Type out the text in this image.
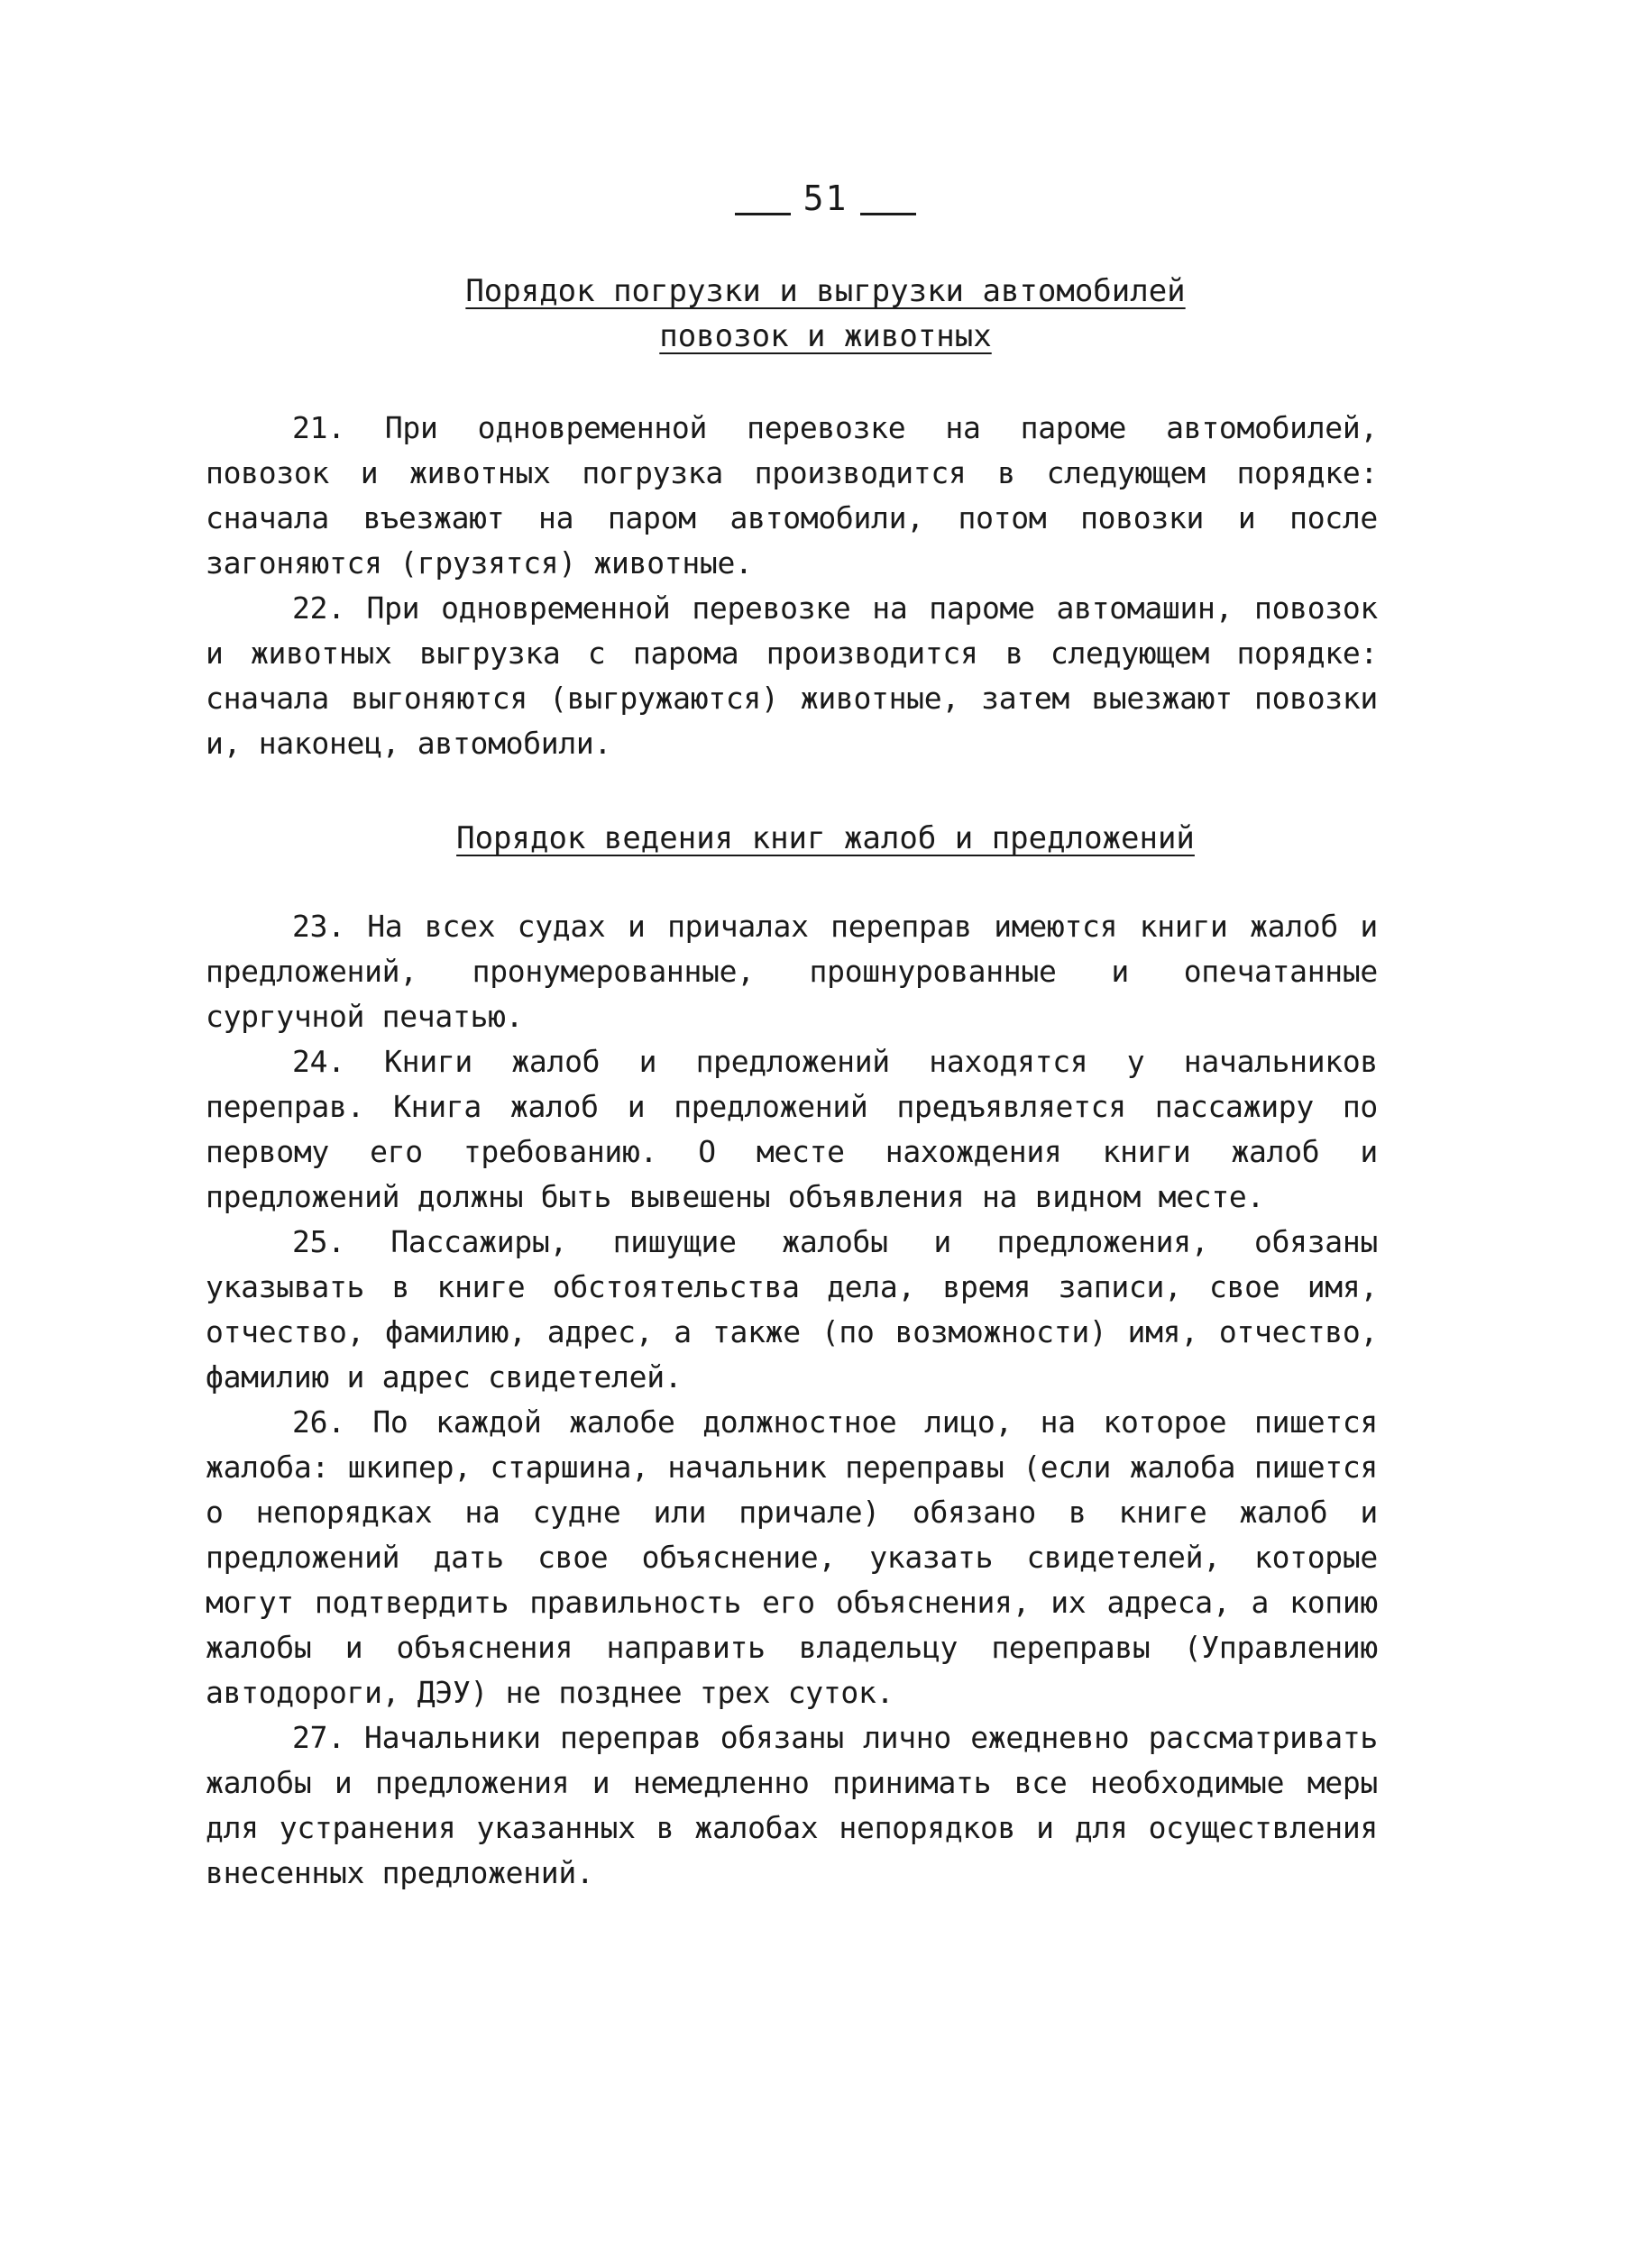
51
Порядок погрузки и выгрузки автомобилей
повозок и животных

21. При одновременной перевозке на пароме автомобилей, повозок и животных погрузка производится в следующем порядке: сначала въезжают на паром автомобили, потом повозки и после загоняются (грузятся) животные.

22. При одновременной перевозке на пароме автомашин, повозок и животных выгрузка с парома производится в следующем порядке: сначала выгоняются (выгружаются) животные, затем выезжают повозки и, наконец, автомобили.

Порядок ведения книг жалоб и предложений

23. На всех судах и причалах переправ имеются книги жалоб и предложений, пронумерованные, прошнурованные и опечатанные сургучной печатью.

24. Книги жалоб и предложений находятся у начальников переправ. Книга жалоб и предложений предъявляется пассажиру по первому его требованию. О месте нахождения книги жалоб и предложений должны быть вывешены объявления на видном месте.

25. Пассажиры, пишущие жалобы и предложения, обязаны указывать в книге обстоятельства дела, время записи, свое имя, отчество, фамилию, адрес, а также (по возможности) имя, отчество, фамилию и адрес свидетелей.

26. По каждой жалобе должностное лицо, на которое пишется жалоба: шкипер, старшина, начальник переправы (если жалоба пишется о непорядках на судне или причале) обязано в книге жалоб и предложений дать свое объяснение, указать свидетелей, которые могут подтвердить правильность его объяснения, их адреса, а копию жалобы и объяснения направить владельцу переправы (Управлению автодороги, ДЭУ) не позднее трех суток.

27. Начальники переправ обязаны лично ежедневно рассматривать жалобы и предложения и немедленно принимать все необходимые меры для устранения указанных в жалобах непорядков и для осуществления внесенных предложений.
